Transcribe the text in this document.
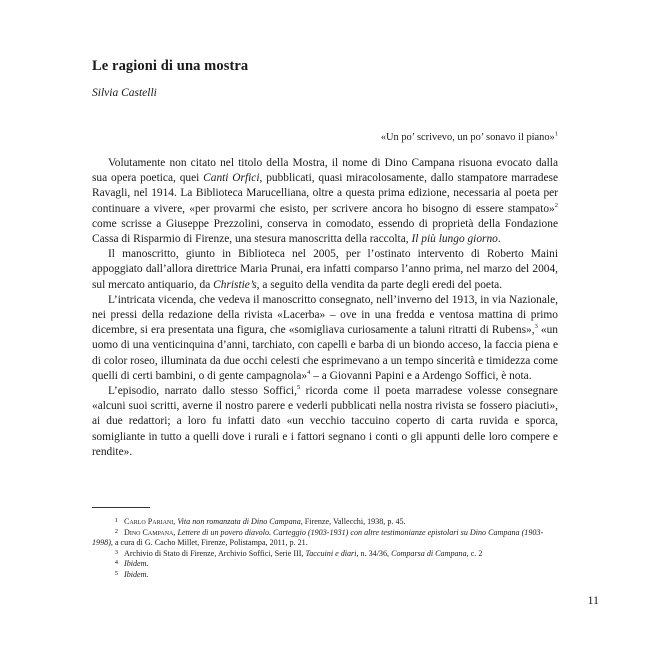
Le ragioni di una mostra
Silvia Castelli
«Un po’ scrivevo, un po’ sonavo il piano»$^1$

Volutamente non citato nel titolo della Mostra, il nome di Dino Campana risuona evocato dalla sua opera poetica, quei Canti Orfici, pubblicati, quasi miracolosamente, dallo stampatore marradese Ravagli, nel 1914. La Biblioteca Marucelliana, oltre a questa prima edizione, necessaria al poeta per continuare a vivere, «per provarmi che esisto, per scrivere ancora ho bisogno di essere stampato»$^2$ come scrisse a Giuseppe Prezzolini, conserva in comodato, essendo di proprietà della Fondazione Cassa di Risparmio di Firenze, una stesura manoscritta della raccolta, Il più lungo giorno.

Il manoscritto, giunto in Biblioteca nel 2005, per l’ostinato intervento di Roberto Maini appoggiato dall’allora direttrice Maria Prunai, era infatti comparso l’anno prima, nel marzo del 2004, sul mercato antiquario, da Christie’s, a seguito della vendita da parte degli eredi del poeta.

L’intricata vicenda, che vedeva il manoscritto consegnato, nell’inverno del 1913, in via Nazionale, nei pressi della redazione della rivista «Lacerba» – ove in una fredda e ventosa mattina di primo dicembre, si era presentata una figura, che «somigliava curiosamente a taluni ritratti di Rubens»,$^3$ «un uomo di una venticinquina d’anni, tarchiato, con capelli e barba di un biondo acceso, la faccia piena e di color roseo, illuminata da due occhi celesti che esprimevano a un tempo sincerità e timidezza come quelli di certi bambini, o di gente campagnola»$^4$ – a Giovanni Papini e a Ardengo Soffici, è nota.

L’episodio, narrato dallo stesso Soffici,$^5$ ricorda come il poeta marradese volesse consegnare «alcuni suoi scritti, averne il nostro parere e vederli pubblicati nella nostra rivista se fossero piaciuti», ai due redattori; a loro fu infatti dato «un vecchio taccuino coperto di carta ruvida e sporca, somigliante in tutto a quelli dove i rurali e i fattori segnano i conti o gli appunti delle loro compere e rendite».

1 Carlo Pariani, Vita non romanzata di Dino Campana, Firenze, Vallecchi, 1938, p. 45.
2 Dino Campana, Lettere di un povero diavolo. Carteggio (1903-1931) con altre testimonianze epistolari su Dino Campana (1903-1998), a cura di G. Cacho Millet, Firenze, Polistampa, 2011, p. 21.
3 Archivio di Stato di Firenze, Archivio Soffici, Serie III, Taccuini e diari, n. 34/36, Comparsa di Campana, c. 2
4 Ibidem.
5 Ibidem.
11
